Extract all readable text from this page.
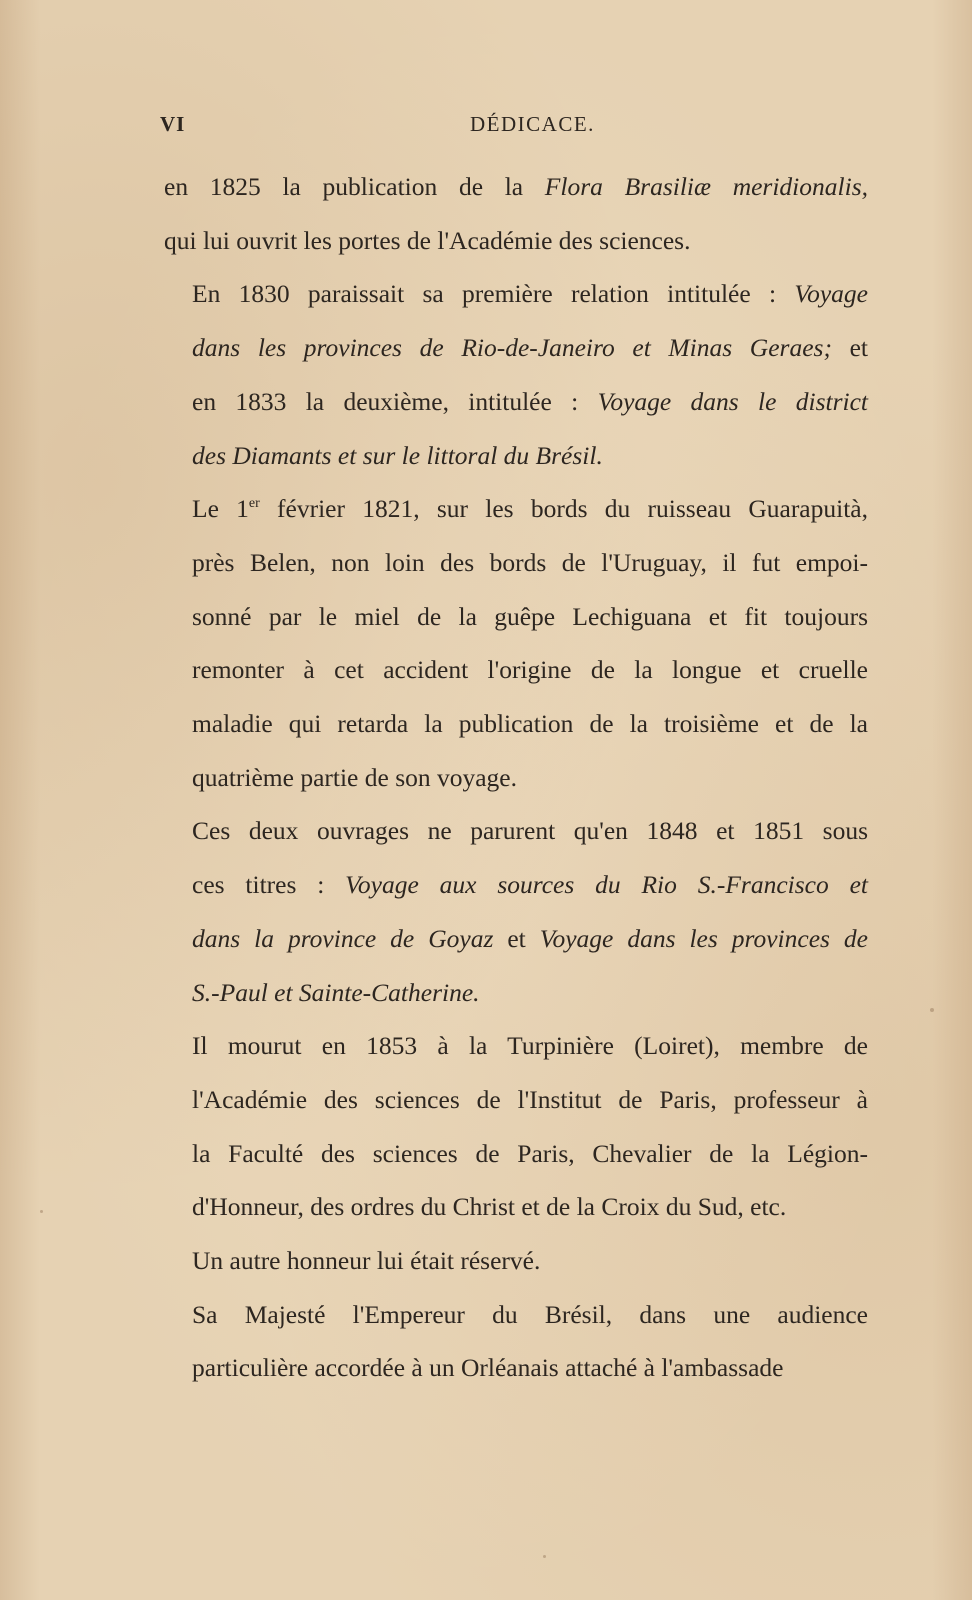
VI	DÉDICACE.
en 1825 la publication de la Flora Brasiliæ meridionalis,
qui lui ouvrit les portes de l'Académie des sciences.
En 1830 paraissait sa première relation intitulée : Voyage
dans les provinces de Rio-de-Janeiro et Minas Geraes; et
en 1833 la deuxième, intitulée : Voyage dans le district
des Diamants et sur le littoral du Brésil.
Le 1er février 1821, sur les bords du ruisseau Guarapuità,
près Belen, non loin des bords de l'Uruguay, il fut empoi-
sonné par le miel de la guêpe Lechiguana et fit toujours
remonter à cet accident l'origine de la longue et cruelle
maladie qui retarda la publication de la troisième et de la
quatrième partie de son voyage.
Ces deux ouvrages ne parurent qu'en 1848 et 1851 sous
ces titres : Voyage aux sources du Rio S.-Francisco et
dans la province de Goyaz et Voyage dans les provinces de
S.-Paul et Sainte-Catherine.
Il mourut en 1853 à la Turpinière (Loiret), membre de
l'Académie des sciences de l'Institut de Paris, professeur à
la Faculté des sciences de Paris, Chevalier de la Légion-
d'Honneur, des ordres du Christ et de la Croix du Sud, etc.
Un autre honneur lui était réservé.
Sa Majesté l'Empereur du Brésil, dans une audience
particulière accordée à un Orléanais attaché à l'ambassade
